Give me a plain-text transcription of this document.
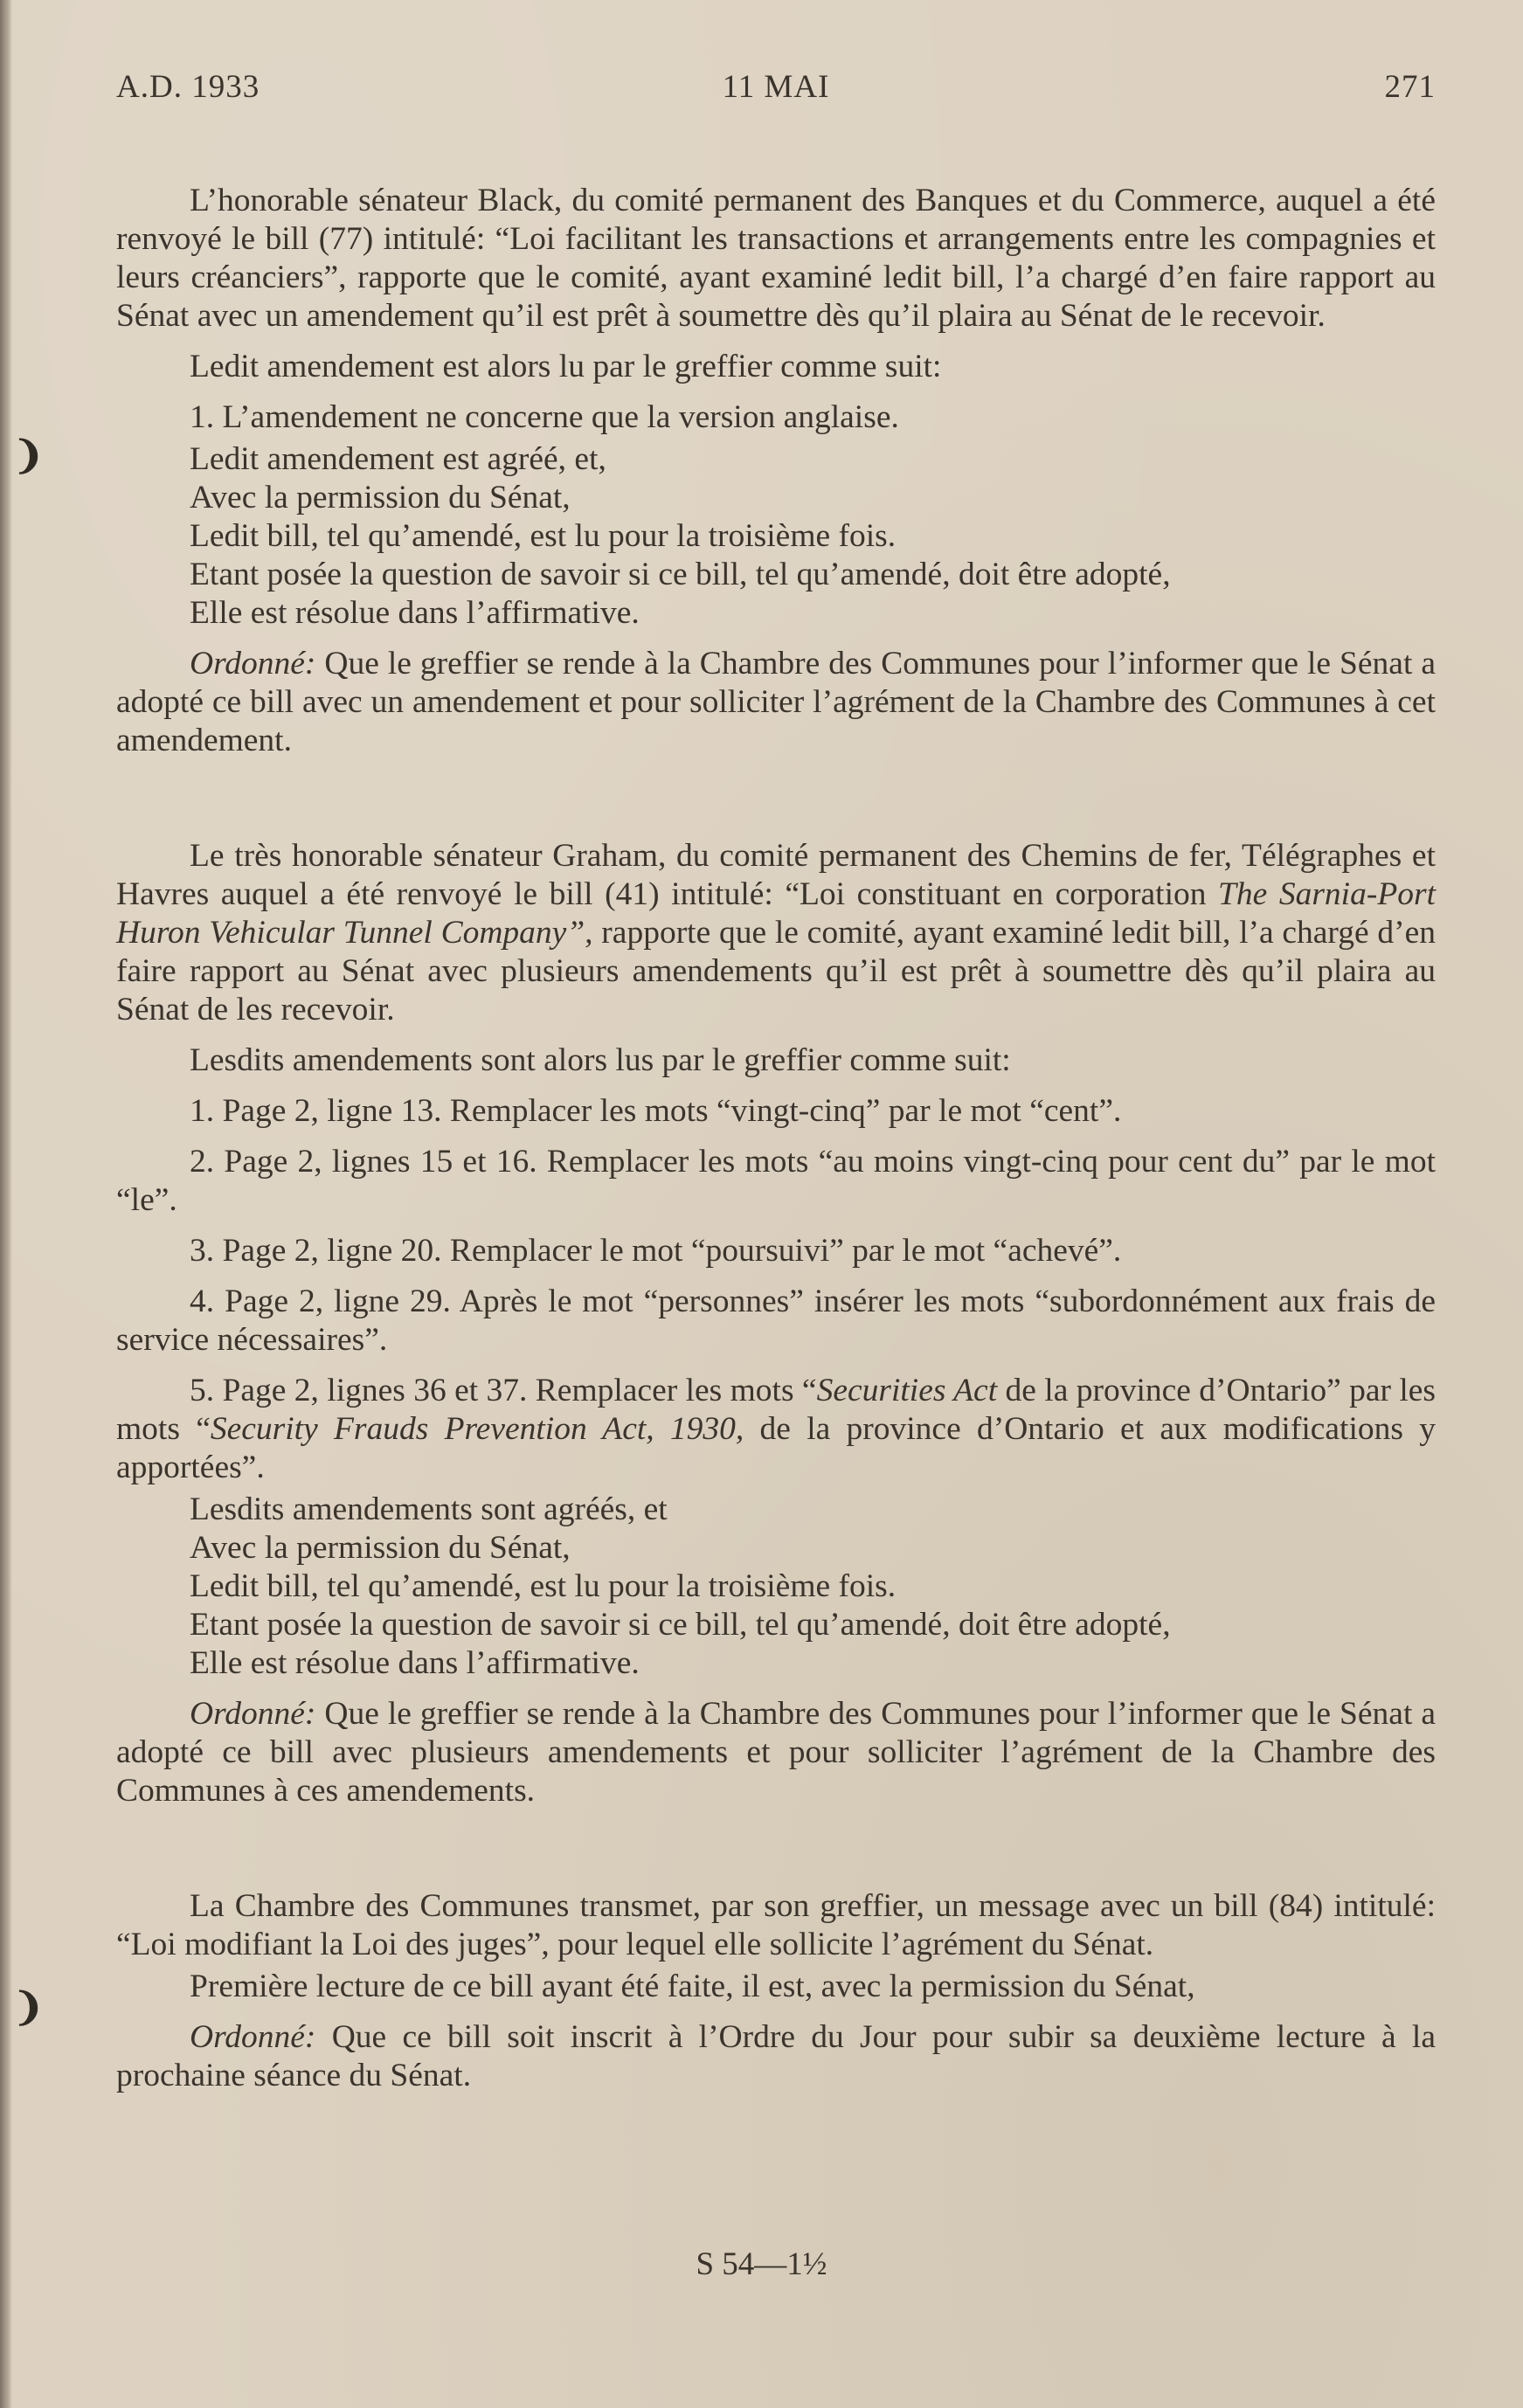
❩
❩
A.D. 1933	11 MAI	271

L’honorable sénateur Black, du comité permanent des Banques et du Commerce, auquel a été renvoyé le bill (77) intitulé: “Loi facilitant les transactions et arrangements entre les compagnies et leurs créanciers”, rapporte que le comité, ayant examiné ledit bill, l’a chargé d’en faire rapport au Sénat avec un amendement qu’il est prêt à soumettre dès qu’il plaira au Sénat de le recevoir.

Ledit amendement est alors lu par le greffier comme suit:

1. L’amendement ne concerne que la version anglaise.

Ledit amendement est agréé, et,

Avec la permission du Sénat,

Ledit bill, tel qu’amendé, est lu pour la troisième fois.

Etant posée la question de savoir si ce bill, tel qu’amendé, doit être adopté,

Elle est résolue dans l’affirmative.

Ordonné: Que le greffier se rende à la Chambre des Communes pour l’informer que le Sénat a adopté ce bill avec un amendement et pour solliciter l’agrément de la Chambre des Communes à cet amendement.

Le très honorable sénateur Graham, du comité permanent des Chemins de fer, Télégraphes et Havres auquel a été renvoyé le bill (41) intitulé: “Loi constituant en corporation The Sarnia-Port Huron Vehicular Tunnel Company”, rapporte que le comité, ayant examiné ledit bill, l’a chargé d’en faire rapport au Sénat avec plusieurs amendements qu’il est prêt à soumettre dès qu’il plaira au Sénat de les recevoir.

Lesdits amendements sont alors lus par le greffier comme suit:

1. Page 2, ligne 13. Remplacer les mots “vingt-cinq” par le mot “cent”.

2. Page 2, lignes 15 et 16. Remplacer les mots “au moins vingt-cinq pour cent du” par le mot “le”.

3. Page 2, ligne 20. Remplacer le mot “poursuivi” par le mot “achevé”.

4. Page 2, ligne 29. Après le mot “personnes” insérer les mots “subordonnément aux frais de service nécessaires”.

5. Page 2, lignes 36 et 37. Remplacer les mots “Securities Act de la province d’Ontario” par les mots “Security Frauds Prevention Act, 1930, de la province d’Ontario et aux modifications y apportées”.

Lesdits amendements sont agréés, et

Avec la permission du Sénat,

Ledit bill, tel qu’amendé, est lu pour la troisième fois.

Etant posée la question de savoir si ce bill, tel qu’amendé, doit être adopté,

Elle est résolue dans l’affirmative.

Ordonné: Que le greffier se rende à la Chambre des Communes pour l’informer que le Sénat a adopté ce bill avec plusieurs amendements et pour solliciter l’agrément de la Chambre des Communes à ces amendements.

La Chambre des Communes transmet, par son greffier, un message avec un bill (84) intitulé: “Loi modifiant la Loi des juges”, pour lequel elle sollicite l’agrément du Sénat.

Première lecture de ce bill ayant été faite, il est, avec la permission du Sénat,

Ordonné: Que ce bill soit inscrit à l’Ordre du Jour pour subir sa deuxième lecture à la prochaine séance du Sénat.

S 54—1½
